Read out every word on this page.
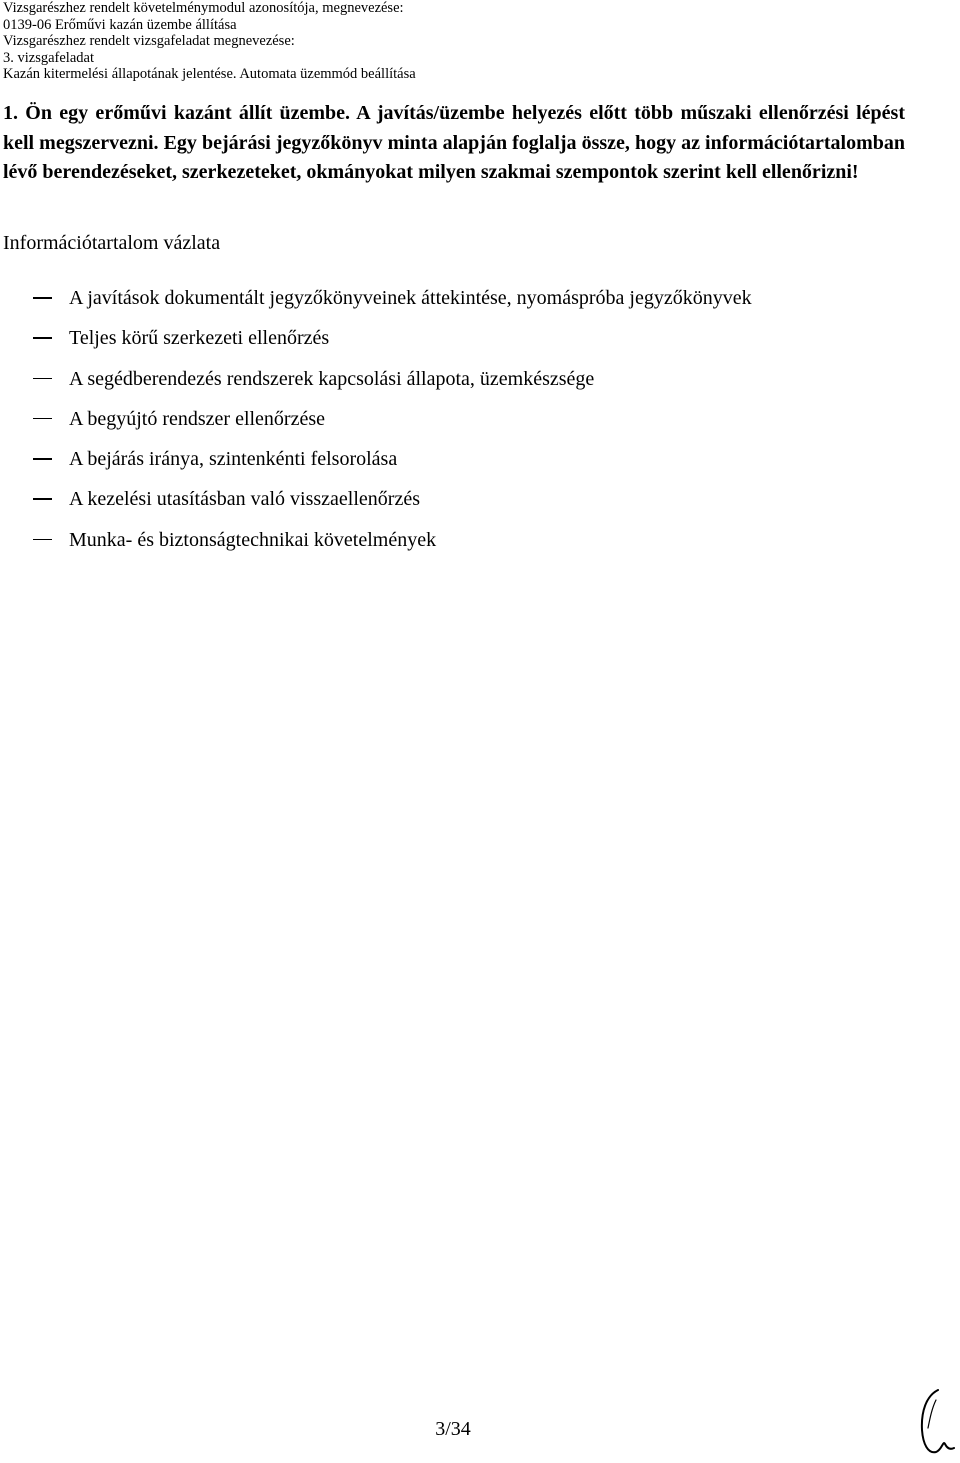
Vizsgarészhez rendelt követelménymodul azonosítója, megnevezése:
0139-06 Erőművi kazán üzembe állítása
Vizsgarészhez rendelt vizsgafeladat megnevezése:
3. vizsgafeladat
Kazán kitermelési állapotának jelentése. Automata üzemmód beállítása
1. Ön egy erőművi kazánt állít üzembe. A javítás/üzembe helyezés előtt több műszaki ellenőrzési lépést kell megszervezni. Egy bejárási jegyzőkönyv minta alapján foglalja össze, hogy az információtartalomban lévő berendezéseket, szerkezeteket, okmányokat milyen szakmai szempontok szerint kell ellenőrizni!
Információtartalom vázlata
A javítások dokumentált jegyzőkönyveinek áttekintése, nyomáspróba jegyzőkönyvek
Teljes körű szerkezeti ellenőrzés
A segédberendezés rendszerek kapcsolási állapota, üzemkészsége
A begyújtó rendszer ellenőrzése
A bejárás iránya, szintenkénti felsorolása
A kezelési utasításban való visszaellenőrzés
Munka- és biztonságtechnikai követelmények
3/34
